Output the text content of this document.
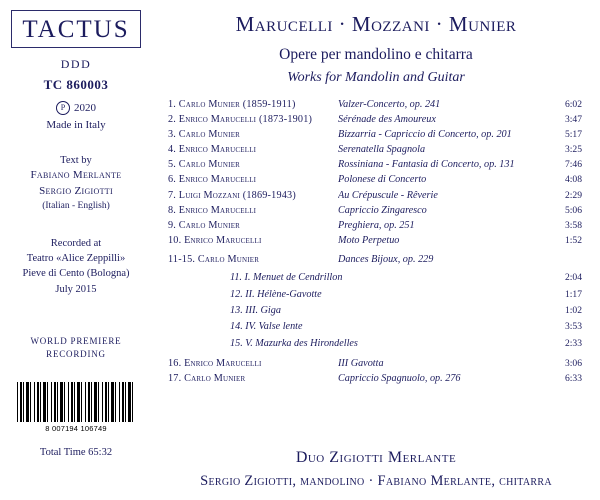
TACTUS
DDD
TC 860003
P 2020
Made in Italy
Text by
Fabiano Merlante
Sergio Zigiotti
(Italian - English)
Recorded at
Teatro «Alice Zeppilli»
Pieve di Cento (Bologna)
July 2015
WORLD PREMIERE
RECORDING
8 007194 106749
Total Time 65:32
Marucelli · Mozzani · Munier
Opere per mandolino e chitarra
Works for Mandolin and Guitar
1. Carlo Munier (1859-1911)	Valzer-Concerto, op. 241	6:02
2. Enrico Marucelli (1873-1901)	Sérénade des Amoureux	3:47
3. Carlo Munier	Bizzarria - Capriccio di Concerto, op. 201	5:17
4. Enrico Marucelli	Serenatella Spagnola	3:25
5. Carlo Munier	Rossiniana - Fantasia di Concerto, op. 131	7:46
6. Enrico Marucelli	Polonese di Concerto	4:08
7. Luigi Mozzani (1869-1943)	Au Crépuscule - Rêverie	2:29
8. Enrico Marucelli	Capriccio Zingaresco	5:06
9. Carlo Munier	Preghiera, op. 251	3:58
10. Enrico Marucelli	Moto Perpetuo	1:52
11-15. Carlo Munier	Dances Bijoux, op. 229
11. I. Menuet de Cendrillon	2:04
12. II. Hélène-Gavotte	1:17
13. III. Giga	1:02
14. IV. Valse lente	3:53
15. V. Mazurka des Hirondelles	2:33
16. Enrico Marucelli	III Gavotta	3:06
17. Carlo Munier	Capriccio Spagnuolo, op. 276	6:33
Duo Zigiotti Merlante
Sergio Zigiotti, mandolino · Fabiano Merlante, chitarra
